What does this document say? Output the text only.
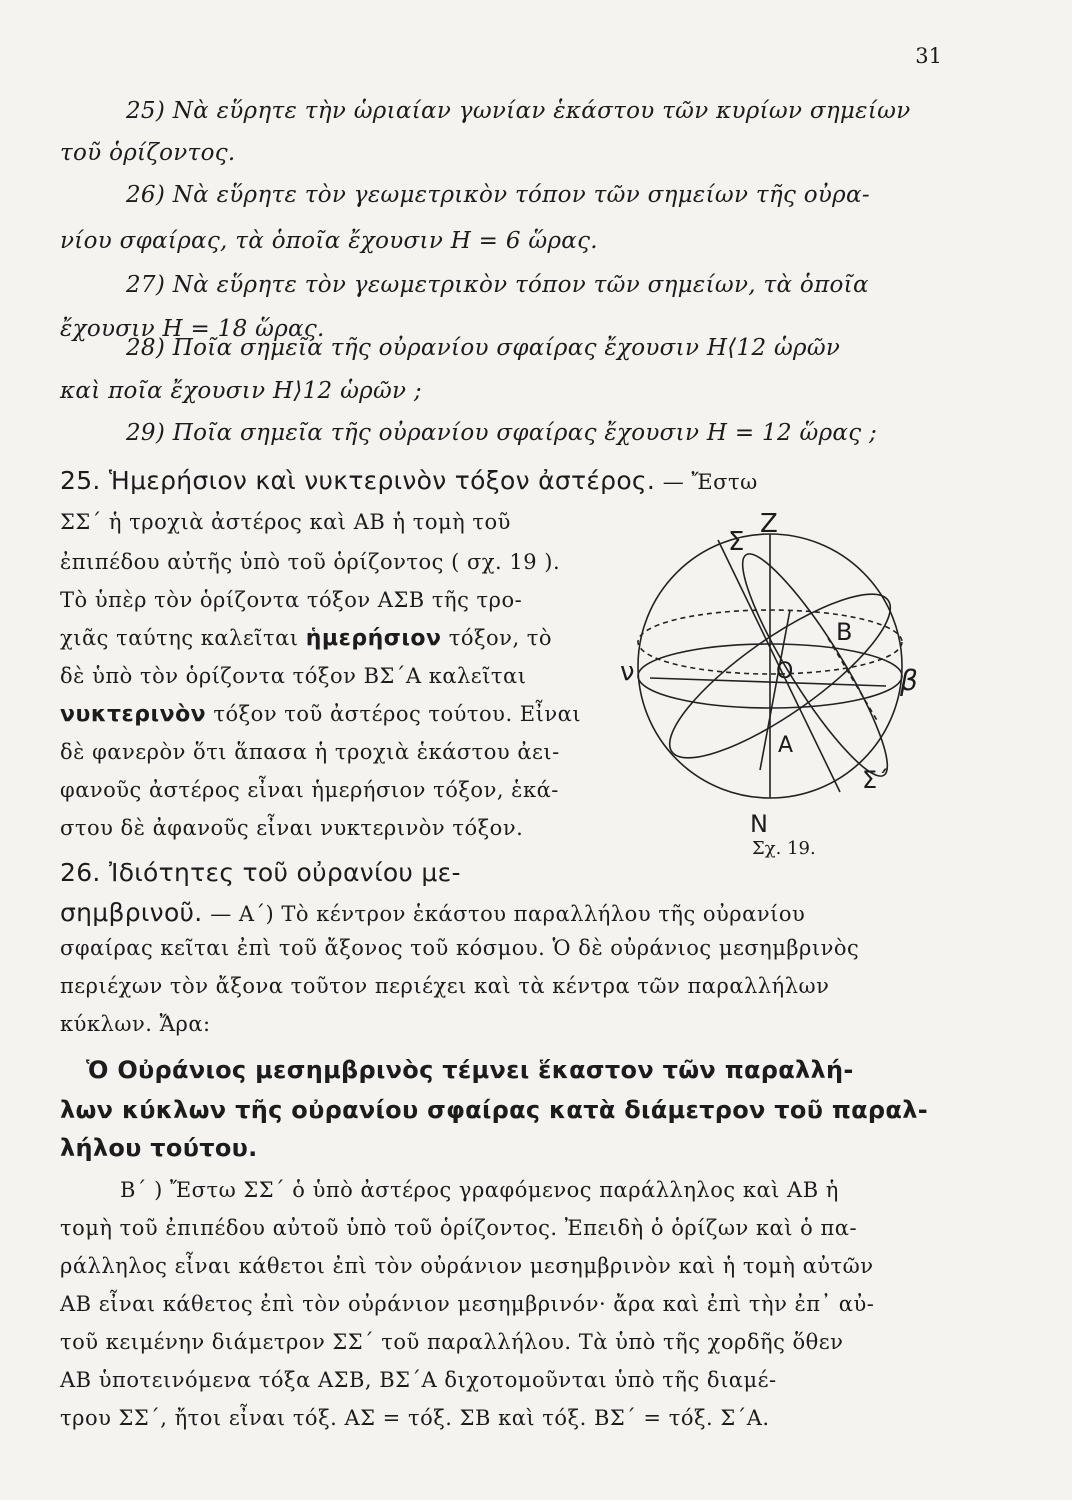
31
25) Νὰ εὕρητε τὴν ὡριαίαν γωνίαν ἑκάστου τῶν κυρίων σημείων
τοῦ ὁρίζοντος.
26) Νὰ εὕρητε τὸν γεωμετρικὸν τόπον τῶν σημείων τῆς οὐρα-
νίου σφαίρας, τὰ ὁποῖα ἔχουσιν H = 6 ὥρας.
27) Νὰ εὕρητε τὸν γεωμετρικὸν τόπον τῶν σημείων, τὰ ὁποῖα
ἔχουσιν H = 18 ὥρας.
28) Ποῖα σημεῖα τῆς οὐρανίου σφαίρας ἔχουσιν H⟨12 ὡρῶν
καὶ ποῖα ἔχουσιν H⟩12 ὡρῶν ;
29) Ποῖα σημεῖα τῆς οὐρανίου σφαίρας ἔχουσιν H = 12 ὥρας ;
25. Ἡμερήσιον καὶ νυκτερινὸν τόξον ἀστέρος. — Ἔστω
ΣΣ΄ ἡ τροχιὰ ἀστέρος καὶ ΑΒ ἡ τομὴ τοῦ
ἐπιπέδου αὐτῆς ὑπὸ τοῦ ὁρίζοντος ( σχ. 19 ).
Τὸ ὑπὲρ τὸν ὁρίζοντα τόξον ΑΣΒ τῆς τρο-
χιᾶς ταύτης καλεῖται ἡμερήσιον τόξον, τὸ
δὲ ὑπὸ τὸν ὁρίζοντα τόξον ΒΣ΄Α καλεῖται
νυκτερινὸν τόξον τοῦ ἀστέρος τούτου. Εἶναι
δὲ φανερὸν ὅτι ἅπασα ἡ τροχιὰ ἑκάστου ἀει-
φανοῦς ἀστέρος εἶναι ἡμερήσιον τόξον, ἑκά-
στου δὲ ἀφανοῦς εἶναι νυκτερινὸν τόξον.
Σ
Z
B
O
ν	β
A
Σ΄
N
Σχ. 19.
26. Ἰδιότητες τοῦ οὐρανίου με-
σημβρινοῦ. — Α΄) Τὸ κέντρον ἑκάστου παραλλήλου τῆς οὐρανίου
σφαίρας κεῖται ἐπὶ τοῦ ἄξονος τοῦ κόσμου. Ὁ δὲ οὐράνιος μεσημβρινὸς
περιέχων τὸν ἄξονα τοῦτον περιέχει καὶ τὰ κέντρα τῶν παραλλήλων
κύκλων. Ἄρα:
Ὁ Οὐράνιος μεσημβρινὸς τέμνει ἕκαστον τῶν παραλλή-
λων κύκλων τῆς οὐρανίου σφαίρας κατὰ διάμετρον τοῦ παραλ-
λήλου τούτου.
Β΄ ) Ἔστω ΣΣ΄ ὁ ὑπὸ ἀστέρος γραφόμενος παράλληλος καὶ ΑΒ ἡ
τομὴ τοῦ ἐπιπέδου αὐτοῦ ὑπὸ τοῦ ὁρίζοντος. Ἐπειδὴ ὁ ὁρίζων καὶ ὁ πα-
ράλληλος εἶναι κάθετοι ἐπὶ τὸν οὐράνιον μεσημβρινὸν καὶ ἡ τομὴ αὐτῶν
ΑΒ εἶναι κάθετος ἐπὶ τὸν οὐράνιον μεσημβρινόν· ἄρα καὶ ἐπὶ τὴν ἐπ᾿ αὐ-
τοῦ κειμένην διάμετρον ΣΣ΄ τοῦ παραλλήλου. Τὰ ὑπὸ τῆς χορδῆς ὅθεν
ΑΒ ὑποτεινόμενα τόξα ΑΣΒ, ΒΣ΄Α διχοτομοῦνται ὑπὸ τῆς διαμέ-
τρου ΣΣ΄, ἤτοι εἶναι τόξ. ΑΣ = τόξ. ΣΒ καὶ τόξ. ΒΣ΄ = τόξ. Σ΄Α.
